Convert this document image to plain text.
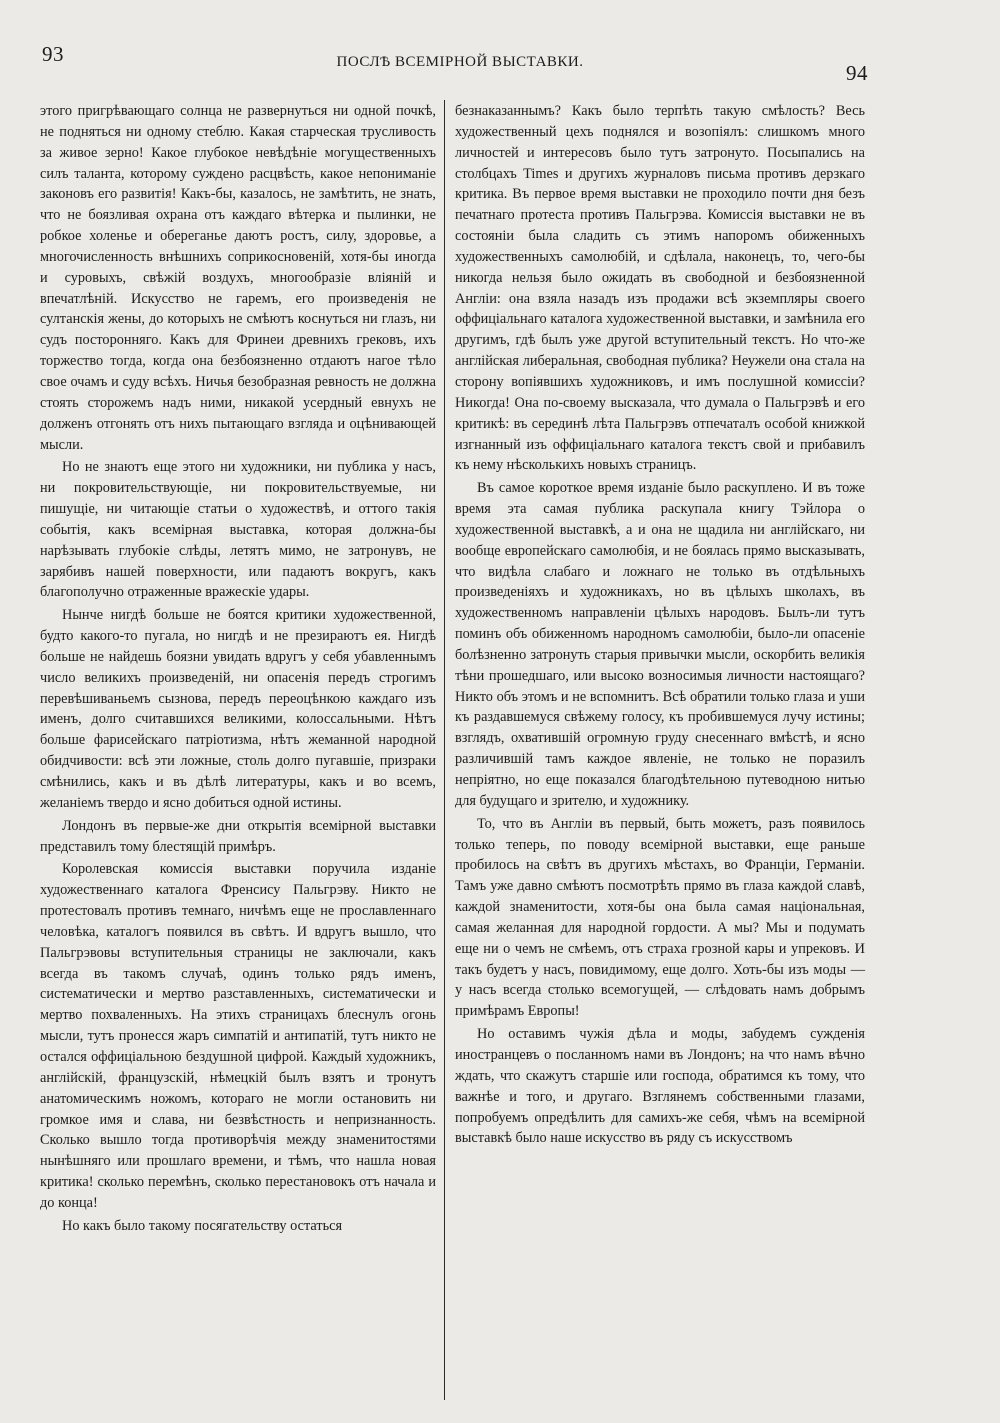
93	ПОСЛѢ ВСЕМІРНОЙ ВЫСТАВКИ.	94

этого пригрѣвающаго солнца не развернуться ни одной почкѣ, не подняться ни одному стеблю. Какая старческая трусливость за живое зерно! Какое глубокое невѣдѣніе могущественныхъ силъ таланта, которому суждено расцвѣсть, какое непониманіе законовъ его развитія! Какъ-бы, казалось, не замѣтить, не знать, что не боязливая охрана отъ каждаго вѣтерка и пылинки, не робкое холенье и обереганье даютъ ростъ, силу, здоровье, а многочисленность внѣшнихъ соприкосновеній, хотя-бы иногда и суровыхъ, свѣжій воздухъ, многообразіе вліяній и впечатлѣній. Искусство не гаремъ, его произведенія не султанскія жены, до которыхъ не смѣютъ коснуться ни глазъ, ни судъ посторонняго. Какъ для Фринеи древнихъ грековъ, ихъ торжество тогда, когда она безбоязненно отдаютъ нагое тѣло свое очамъ и суду всѣхъ. Ничья безобразная ревность не должна стоять сторожемъ надъ ними, никакой усердный евнухъ не долженъ отгонять отъ нихъ пытающаго взгляда и оцѣнивающей мысли.

Но не знаютъ еще этого ни художники, ни публика у насъ, ни покровительствующіе, ни покровительствуемые, ни пишущіе, ни читающіе статьи о художествѣ, и оттого такія событія, какъ всемірная выставка, которая должна-бы нарѣзывать глубокіе слѣды, летятъ мимо, не затронувъ, не зарябивъ нашей поверхности, или падаютъ вокругъ, какъ благополучно отраженные вражескіе удары.

Нынче нигдѣ больше не боятся критики художественной, будто какого-то пугала, но нигдѣ и не презираютъ ея. Нигдѣ больше не найдешь боязни увидать вдругъ у себя убавленнымъ число великихъ произведеній, ни опасенія передъ строгимъ перевѣшиваньемъ сызнова, передъ переоцѣнкою каждаго изъ именъ, долго считавшихся великими, колоссальными. Нѣтъ больше фарисейскаго патріотизма, нѣтъ жеманной народной обидчивости: всѣ эти ложные, столь долго пугавшіе, призраки смѣнились, какъ и въ дѣлѣ литературы, какъ и во всемъ, желаніемъ твердо и ясно добиться одной истины.

Лондонъ въ первые-же дни открытія всемірной выставки представилъ тому блестящій примѣръ.

Королевская комиссія выставки поручила изданіе художественнаго каталога Френсису Пальгрэву. Никто не протестовалъ противъ темнаго, ничѣмъ еще не прославленнаго человѣка, каталогъ появился въ свѣтъ. И вдругъ вышло, что Пальгрэвовы вступительныя страницы не заключали, какъ всегда въ такомъ случаѣ, одинъ только рядъ именъ, систематически и мертво разставленныхъ, систематически и мертво похваленныхъ. На этихъ страницахъ блеснулъ огонь мысли, тутъ пронесся жаръ симпатій и антипатій, тутъ никто не остался оффиціальною бездушной цифрой. Каждый художникъ, англійскій, французскій, нѣмецкій былъ взятъ и тронутъ анатомическимъ ножомъ, котораго не могли остановить ни громкое имя и слава, ни безвѣстность и непризнанность. Сколько вышло тогда противорѣчія между знаменитостями нынѣшняго или прошлаго времени, и тѣмъ, что нашла новая критика! сколько перемѣнъ, сколько перестановокъ отъ начала и до конца!

Но какъ было такому посягательству остаться

безнаказаннымъ? Какъ было терпѣть такую смѣлость? Весь художественный цехъ поднялся и возопіялъ: слишкомъ много личностей и интересовъ было тутъ затронуто. Посыпались на столбцахъ Times и другихъ журналовъ письма противъ дерзкаго критика. Въ первое время выставки не проходило почти дня безъ печатнаго протеста противъ Пальгрэва. Комиссія выставки не въ состояніи была сладить съ этимъ напоромъ обиженныхъ художественныхъ самолюбій, и сдѣлала, наконецъ, то, чего-бы никогда нельзя было ожидать въ свободной и безбоязненной Англіи: она взяла назадъ изъ продажи всѣ экземпляры своего оффиціальнаго каталога художественной выставки, и замѣнила его другимъ, гдѣ былъ уже другой вступительный текстъ. Но что-же англійская либеральная, свободная публика? Неужели она стала на сторону вопіявшихъ художниковъ, и имъ послушной комиссіи? Никогда! Она по-своему высказала, что думала о Пальгрэвѣ и его критикѣ: въ серединѣ лѣта Пальгрэвъ отпечаталъ особой книжкой изгнанный изъ оффиціальнаго каталога текстъ свой и прибавилъ къ нему нѣсколькихъ новыхъ страницъ.

Въ самое короткое время изданіе было раскуплено. И въ тоже время эта самая публика раскупала книгу Тэйлора о художественной выставкѣ, а и она не щадила ни англійскаго, ни вообще европейскаго самолюбія, и не боялась прямо высказывать, что видѣла слабаго и ложнаго не только въ отдѣльныхъ произведеніяхъ и художникахъ, но въ цѣлыхъ школахъ, въ художественномъ направленіи цѣлыхъ народовъ. Былъ-ли тутъ поминъ объ обиженномъ народномъ самолюбіи, было-ли опасеніе болѣзненно затронуть старыя привычки мысли, оскорбить великія тѣни прошедшаго, или высоко возносимыя личности настоящаго? Никто объ этомъ и не вспомнитъ. Всѣ обратили только глаза и уши къ раздавшемуся свѣжему голосу, къ пробившемуся лучу истины; взглядъ, охватившій огромную груду снесеннаго вмѣстѣ, и ясно различившій тамъ каждое явленіе, не только не поразилъ непріятно, но еще показался благодѣтельною путеводною нитью для будущаго и зрителю, и художнику.

То, что въ Англіи въ первый, быть можетъ, разъ появилось только теперь, по поводу всемірной выставки, еще раньше пробилось на свѣтъ въ другихъ мѣстахъ, во Франціи, Германіи. Тамъ уже давно смѣютъ посмотрѣть прямо въ глаза каждой славѣ, каждой знаменитости, хотя-бы она была самая національная, самая желанная для народной гордости. А мы? Мы и подумать еще ни о чемъ не смѣемъ, отъ страха грозной кары и упрековъ. И такъ будетъ у насъ, повидимому, еще долго. Хоть-бы изъ моды — у насъ всегда столько всемогущей, — слѣдовать намъ добрымъ примѣрамъ Европы!

Но оставимъ чужія дѣла и моды, забудемъ сужденія иностранцевъ о посланномъ нами въ Лондонъ; на что намъ вѣчно ждать, что скажутъ старшіе или господа, обратимся къ тому, что важнѣе и того, и другаго. Взглянемъ собственными глазами, попробуемъ опредѣлить для самихъ-же себя, чѣмъ на всемірной выставкѣ было наше искусство въ ряду съ искусствомъ
